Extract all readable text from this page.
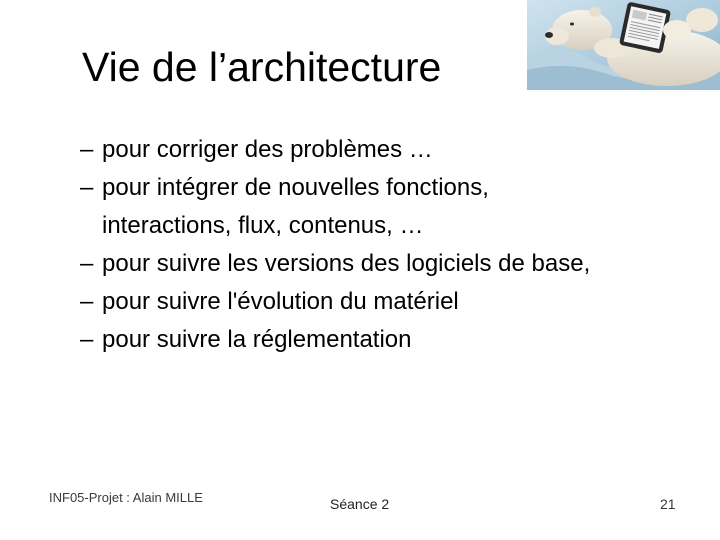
Vie de l’architecture
– pour corriger des problèmes …
– pour intégrer de nouvelles fonctions,
interactions, flux, contenus, …
– pour suivre les versions des logiciels de base,
– pour suivre l'évolution du matériel
– pour suivre la réglementation
INF05-Projet : Alain MILLE	Séance 2	21
